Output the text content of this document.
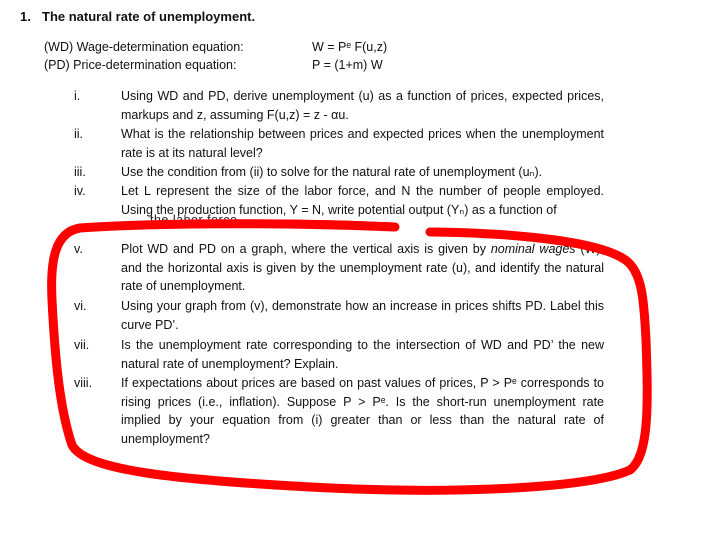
1. The natural rate of unemployment.
(WD) Wage-determination equation:	W = Pᵉ F(u,z)
(PD) Price-determination equation:	P = (1+m) W
i.	Using WD and PD, derive unemployment (u) as a function of prices, expected prices, markups and z, assuming F(u,z) = z - αu.
ii.	What is the relationship between prices and expected prices when the unemployment rate is at its natural level?
iii.	Use the condition from (ii) to solve for the natural rate of unemployment (uₙ).
iv.	Let L represent the size of the labor force, and N the number of people employed. Using the production function, Y = N, write potential output (Yₙ) as a function of
the labor force.
v.	Plot WD and PD on a graph, where the vertical axis is given by nominal wages (W), and the horizontal axis is given by the unemployment rate (u), and identify the natural rate of unemployment.
vi.	Using your graph from (v), demonstrate how an increase in prices shifts PD. Label this curve PD’.
vii.	Is the unemployment rate corresponding to the intersection of WD and PD’ the new natural rate of unemployment? Explain.
viii.	If expectations about prices are based on past values of prices, P > Pᵉ corresponds to rising prices (i.e., inflation). Suppose P > Pᵉ. Is the short-run unemployment rate implied by your equation from (i) greater than or less than the natural rate of unemployment?
